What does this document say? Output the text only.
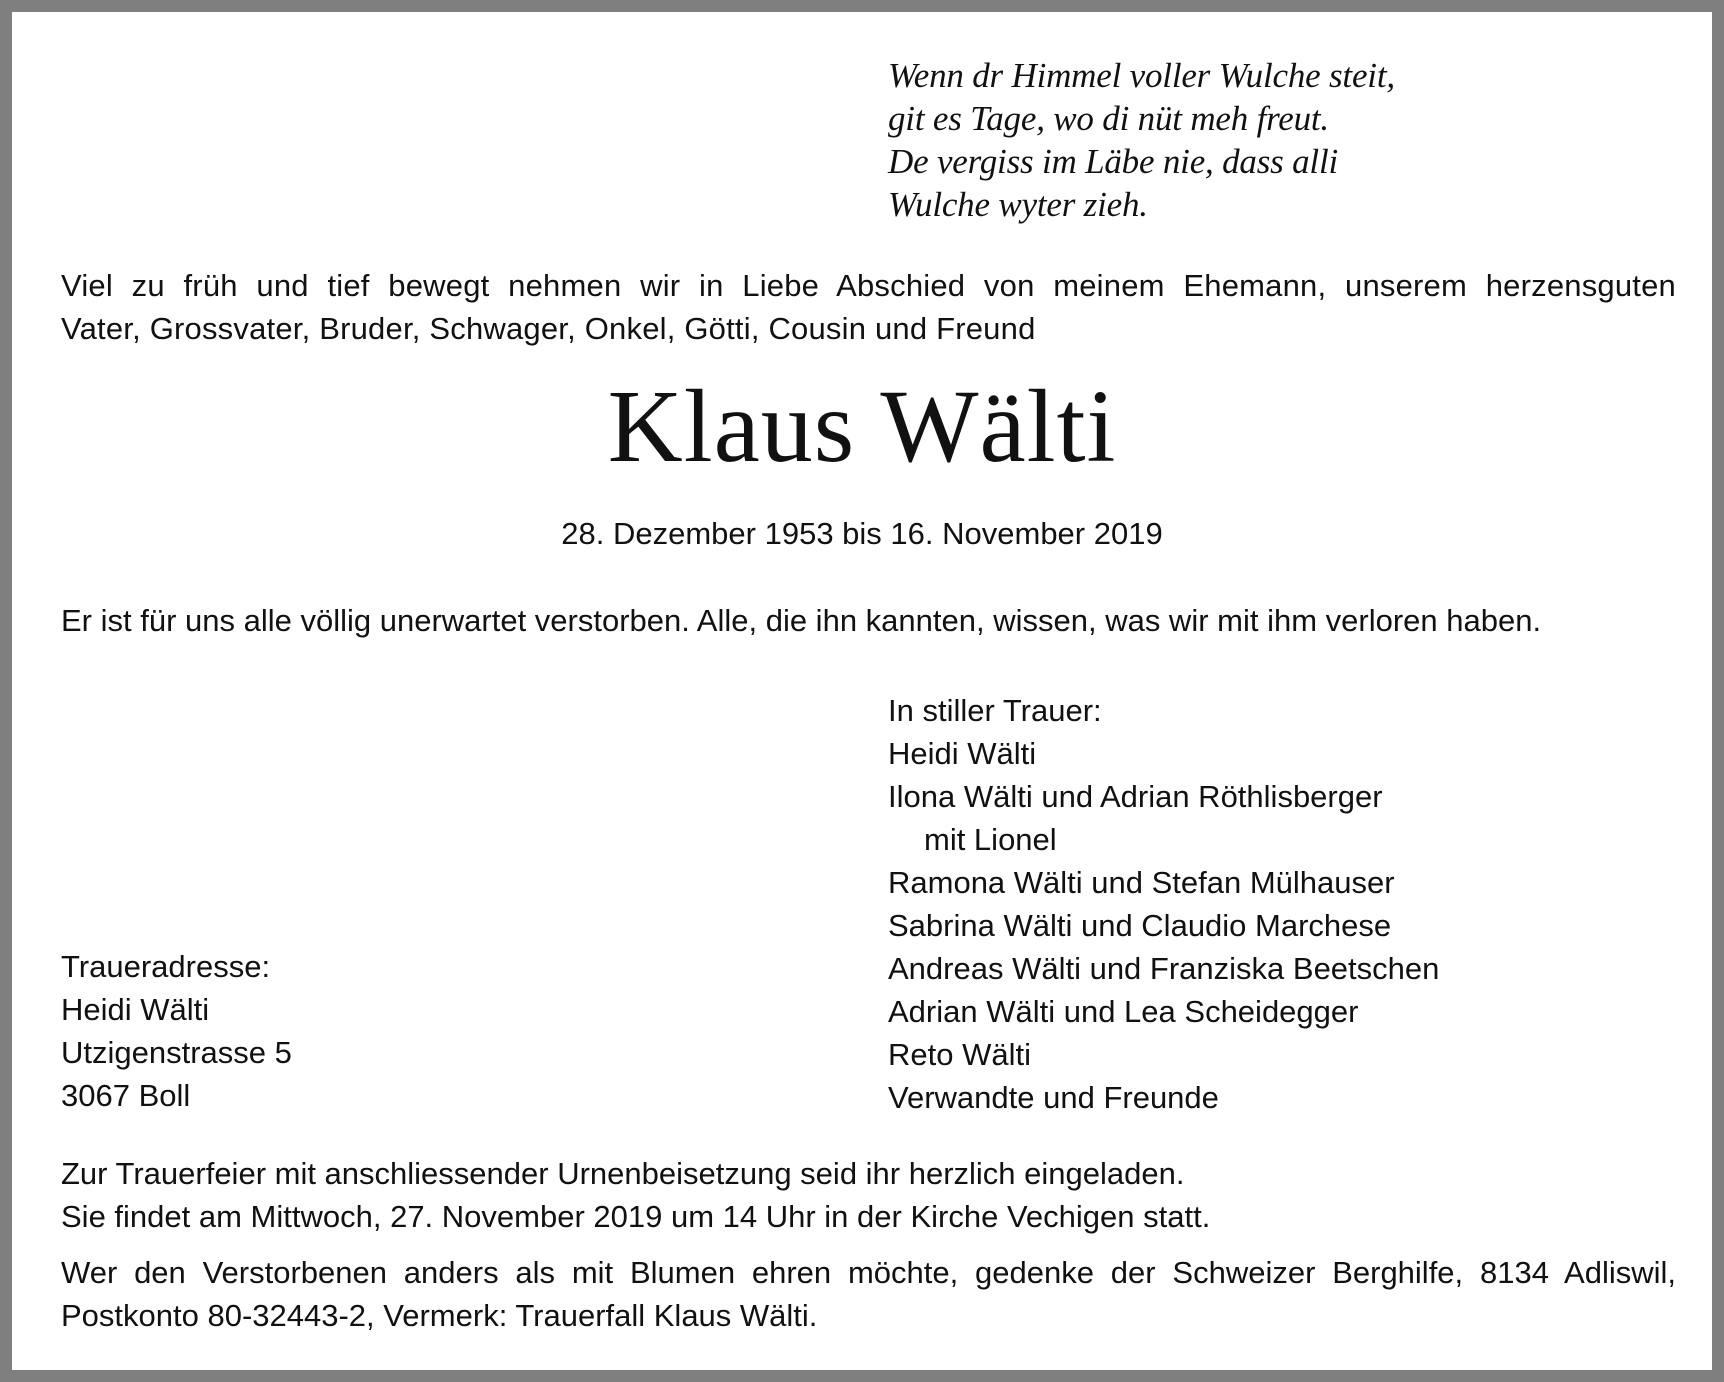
Wenn dr Himmel voller Wulche steit,
git es Tage, wo di nüt meh freut.
De vergiss im Läbe nie, dass alli
Wulche wyter zieh.
Viel zu früh und tief bewegt nehmen wir in Liebe Abschied von meinem Ehemann, unserem herzensguten
Vater, Grossvater, Bruder, Schwager, Onkel, Götti, Cousin und Freund
Klaus Wälti
28. Dezember 1953 bis 16. November 2019
Er ist für uns alle völlig unerwartet verstorben. Alle, die ihn kannten, wissen, was wir mit ihm verloren haben.
In stiller Trauer:
Heidi Wälti
Ilona Wälti und Adrian Röthlisberger
mit Lionel
Ramona Wälti und Stefan Mülhauser
Sabrina Wälti und Claudio Marchese
Andreas Wälti und Franziska Beetschen
Adrian Wälti und Lea Scheidegger
Reto Wälti
Verwandte und Freunde
Traueradresse:
Heidi Wälti
Utzigenstrasse 5
3067 Boll
Zur Trauerfeier mit anschliessender Urnenbeisetzung seid ihr herzlich eingeladen.
Sie findet am Mittwoch, 27. November 2019 um 14 Uhr in der Kirche Vechigen statt.
Wer den Verstorbenen anders als mit Blumen ehren möchte, gedenke der Schweizer Berghilfe, 8134 Adliswil,
Postkonto 80-32443-2, Vermerk: Trauerfall Klaus Wälti.
